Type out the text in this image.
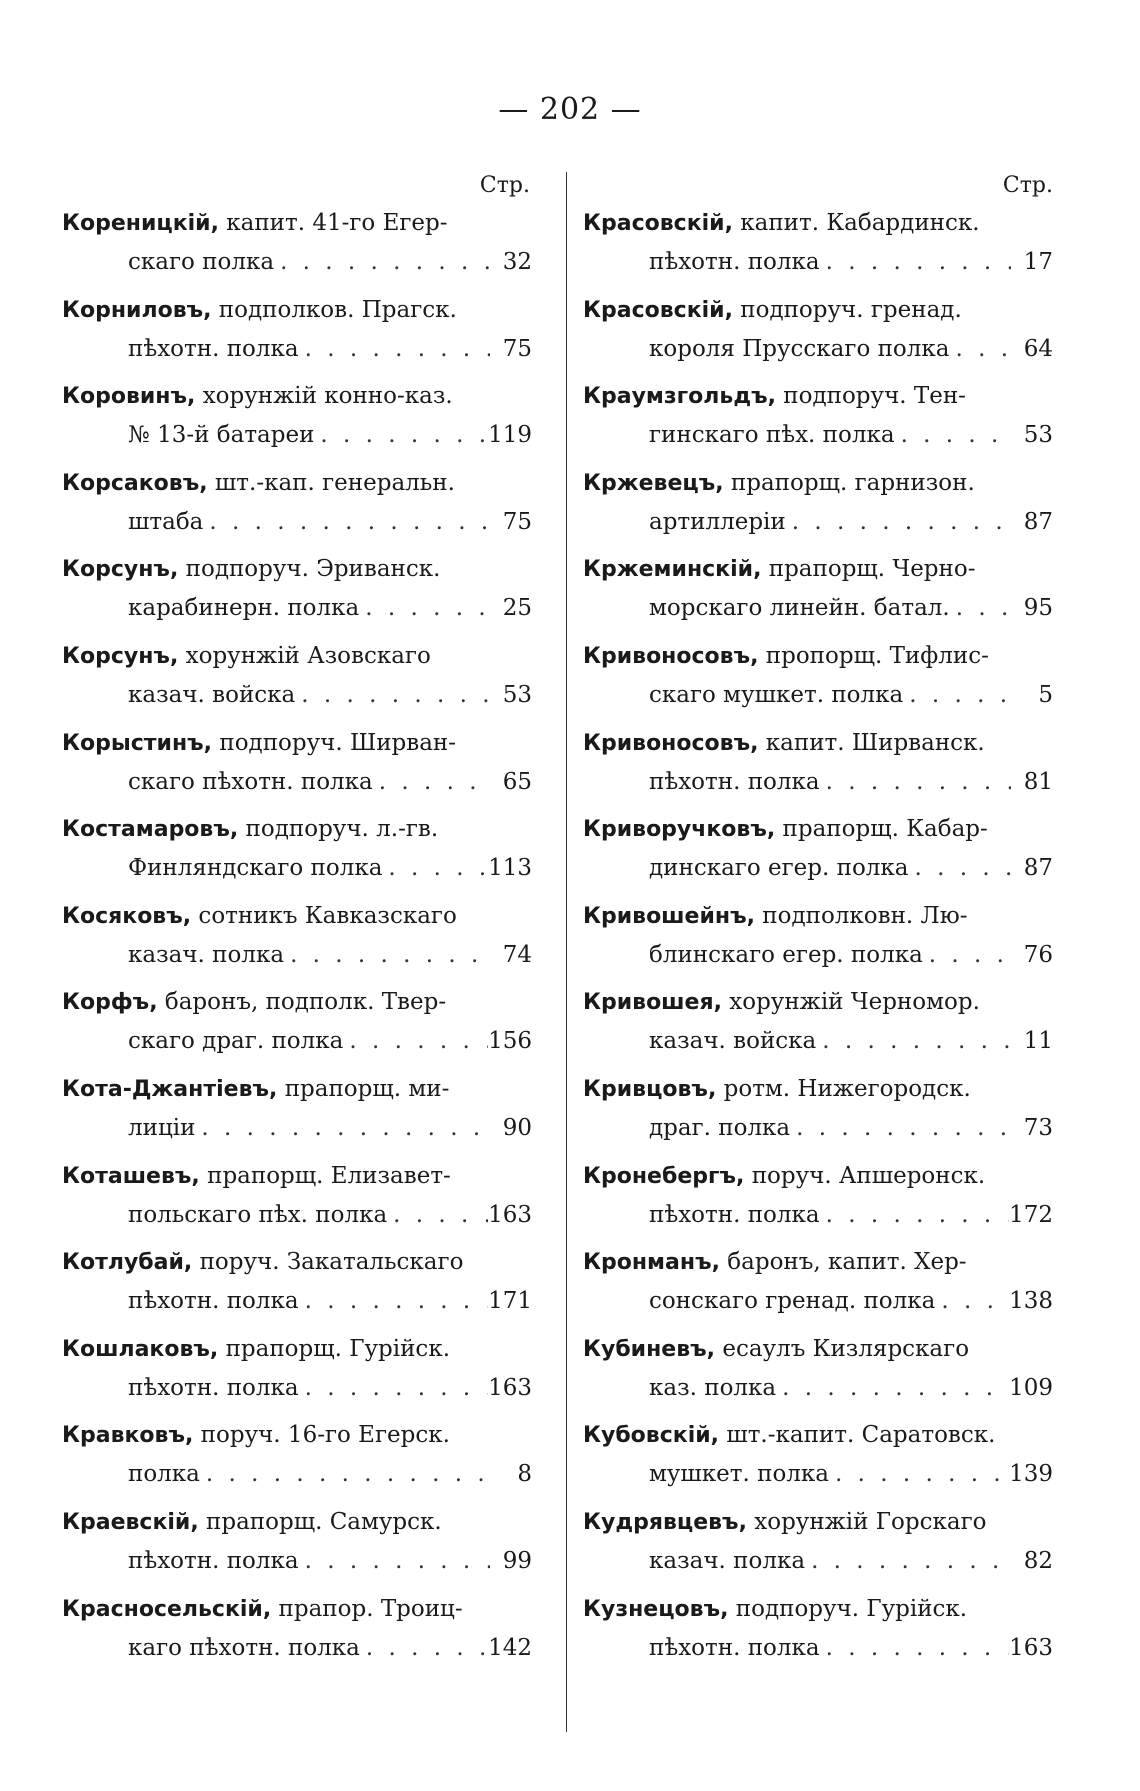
— 202 —
Стр.
Кореницкій, капит. 41-го Егер-
скаго полка . . .	32
Корниловъ, подполков. Прагск.
пѣхотн. полка . . .	75
Коровинъ, хорунжій конно-каз.
№ 13-й батареи . . .	119
Корсаковъ, шт.-кап. генеральн.
штаба . . .	75
Корсунъ, подпоруч. Эриванск.
карабинерн. полка . . .	25
Корсунъ, хорунжій Азовскаго
казач. войска . . .	53
Корыстинъ, подпоруч. Ширван-
скаго пѣхотн. полка . . .	65
Костамаровъ, подпоруч. л.-гв.
Финляндскаго полка . . .	113
Косяковъ, сотникъ Кавказскаго
казач. полка . . .	74
Корфъ, баронъ, подполк. Твер-
скаго драг. полка . . .	156
Кота-Джантіевъ, прапорщ. ми-
лиціи . . .	90
Коташевъ, прапорщ. Елизавет-
польскаго пѣх. полка . . .	163
Котлубай, поруч. Закатальскаго
пѣхотн. полка . . .	171
Кошлаковъ, прапорщ. Гурійск.
пѣхотн. полка . . .	163
Кравковъ, поруч. 16-го Егерск.
полка . . .	8
Краевскій, прапорщ. Самурск.
пѣхотн. полка . . .	99
Красносельскій, прапор. Троиц-
каго пѣхотн. полка . . .	142
Стр.
Красовскій, капит. Кабардинск.
пѣхотн. полка . . .	17
Красовскій, подпоруч. гренад.
короля Прусскаго полка . . .	64
Краумзгольдъ, подпоруч. Тен-
гинскаго пѣх. полка . . .	53
Кржевецъ, прапорщ. гарнизон.
артиллеріи . . .	87
Кржеминскій, прапорщ. Черно-
морскаго линейн. батал. . . .	95
Кривоносовъ, пропорщ. Тифлис-
скаго мушкет. полка . . .	5
Кривоносовъ, капит. Ширванск.
пѣхотн. полка . . .	81
Криворучковъ, прапорщ. Кабар-
динскаго егер. полка . . .	87
Кривошейнъ, подполковн. Лю-
блинскаго егер. полка . . .	76
Кривошея, хорунжій Черномор.
казач. войска . . .	11
Кривцовъ, ротм. Нижегородск.
драг. полка . . .	73
Кронебергъ, поруч. Апшеронск.
пѣхотн. полка . . .	172
Кронманъ, баронъ, капит. Хер-
сонскаго гренад. полка . . .	138
Кубиневъ, есаулъ Кизлярскаго
каз. полка . . .	109
Кубовскій, шт.-капит. Саратовск.
мушкет. полка . . .	139
Кудрявцевъ, хорунжій Горскаго
казач. полка . . .	82
Кузнецовъ, подпоруч. Гурійск.
пѣхотн. полка . . .	163
